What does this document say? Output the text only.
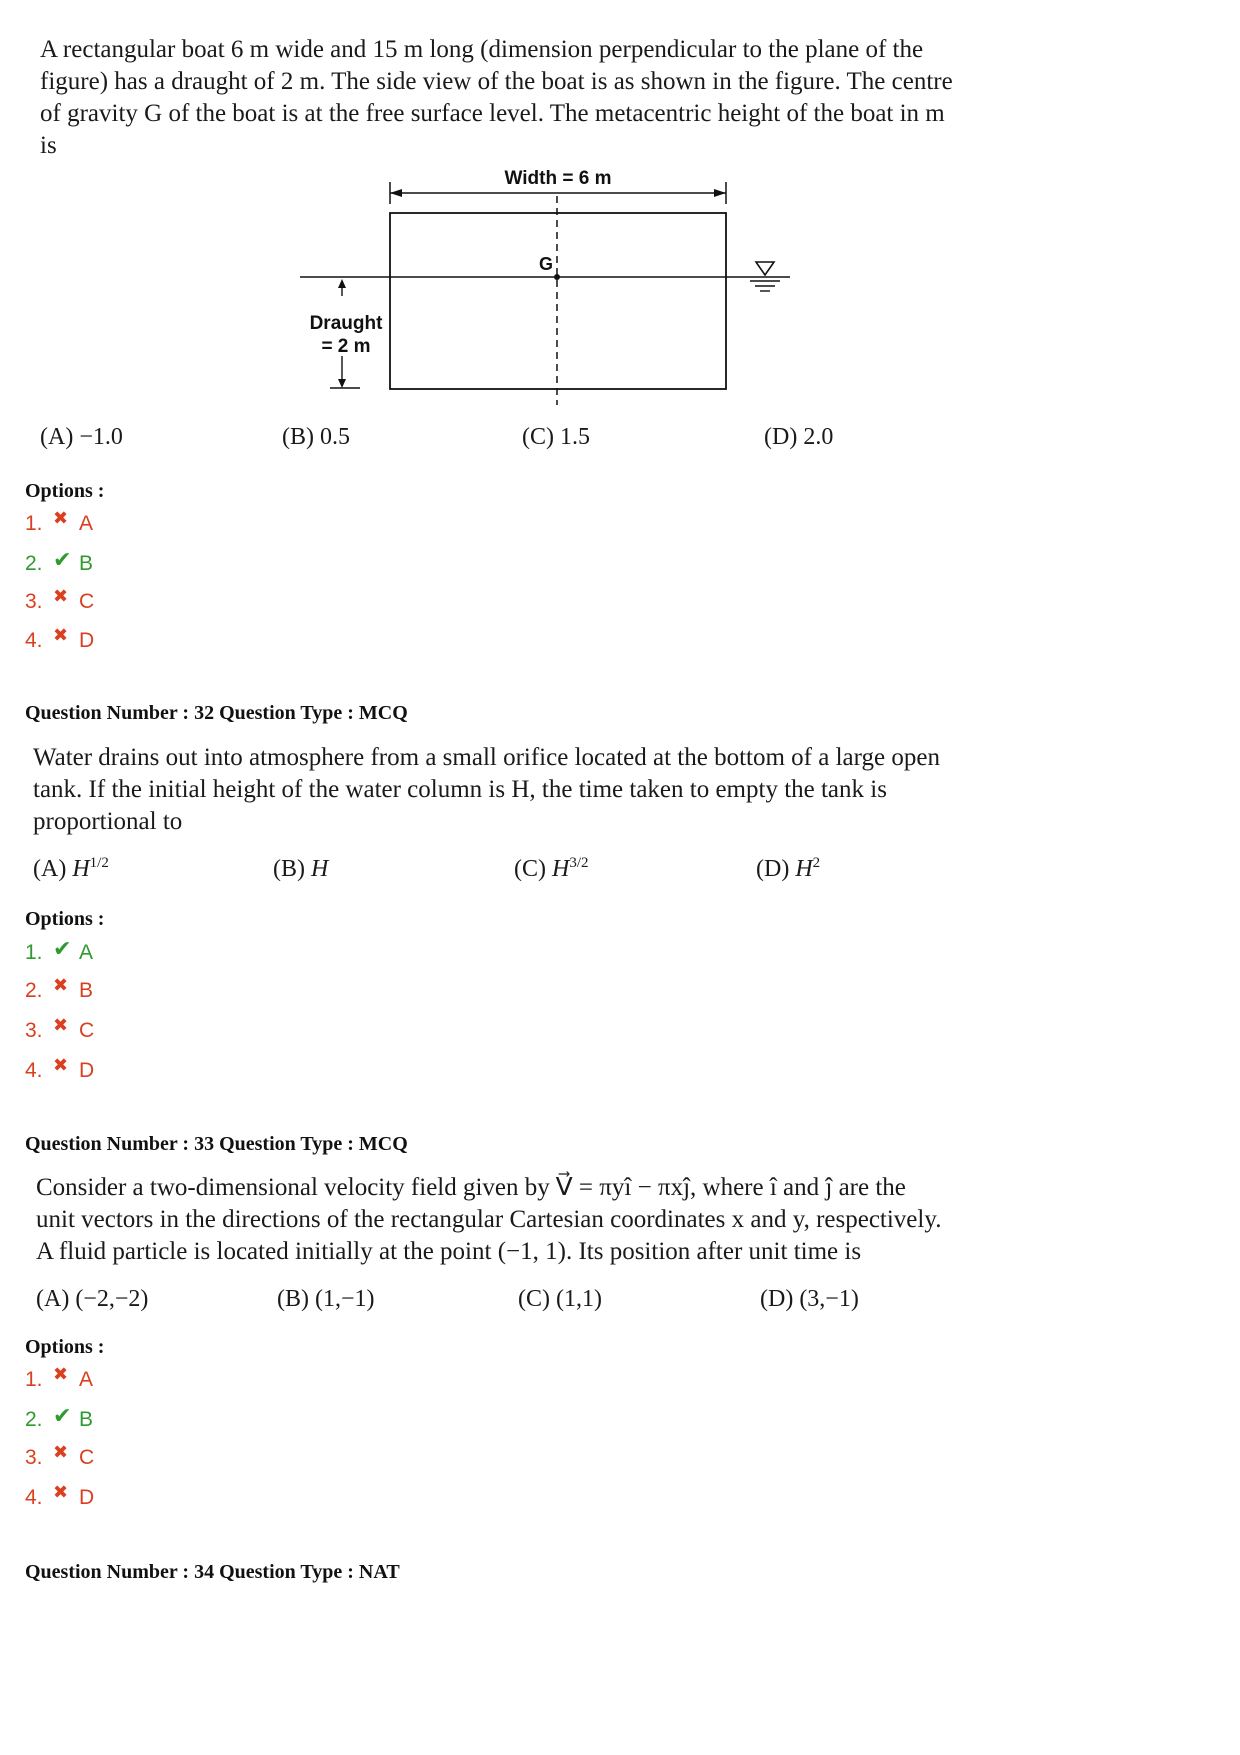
A rectangular boat 6 m wide and 15 m long (dimension perpendicular to the plane of the
figure) has a draught of 2 m. The side view of the boat is as shown in the figure. The centre
of gravity G of the boat is at the free surface level. The metacentric height of the boat in m
is
Width = 6 m
G
Draught
= 2 m
(A) −1.0	(B) 0.5	(C) 1.5	(D) 2.0
Options :
1. ✖ A
2. ✔ B
3. ✖ C
4. ✖ D
Question Number : 32 Question Type : MCQ
Water drains out into atmosphere from a small orifice located at the bottom of a large open
tank. If the initial height of the water column is H, the time taken to empty the tank is
proportional to
(A) $H^{1/2}$	(B) H	(C) $H^{3/2}$	(D) $H^2$
Options :
1. ✔ A
2. ✖ B
3. ✖ C
4. ✖ D
Question Number : 33 Question Type : MCQ
Consider a two-dimensional velocity field given by V⃗ = πyî − πxĵ, where î and ĵ are the
unit vectors in the directions of the rectangular Cartesian coordinates x and y, respectively.
A fluid particle is located initially at the point (−1, 1). Its position after unit time is
(A) (−2,−2)	(B) (1,−1)	(C) (1,1)	(D) (3,−1)
Options :
1. ✖ A
2. ✔ B
3. ✖ C
4. ✖ D
Question Number : 34 Question Type : NAT
